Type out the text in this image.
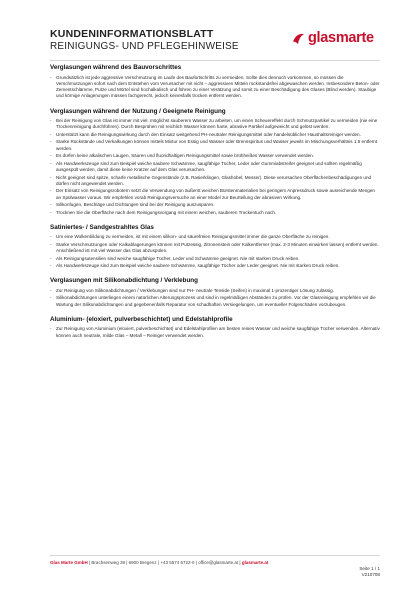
KUNDENINFORMATIONSBLATT
REINIGUNGS- UND PFLEGEHINWEISE
glasmarte
Verglasungen während des Bauvorschrittes
- Grundsätzlich ist jede aggressive Verschmutzung im Laufe des Baufortschritts zu vermeiden. Sollte dies dennoch vorkommen, so müssen die Verschmutzungen sofort nach dem Entstehen vom Verursacher mit nicht – aggressiven Mitteln rückstandsfrei abgewaschen werden. Insbesondere Beton- oder Zementschlämme, Putze und Mörtel sind hochalkalisch und führen zu einer Verätzung und somit zu einer Beschädigung des Glases (Blind werden). Staubige und körnige Anlagerungen müssen fachgerecht, jedoch keinesfalls trocken entfernt werden.
Verglasungen während der Nutzung / Geeignete Reinigung
- Bei der Reinigung von Glas ist immer mit viel, möglichst sauberem Wasser zu arbeiten, um einen Scheuereffekt durch Schmutzpartikel zu vermeiden (nie eine Trockenreinigung durchführen). Durch Besprühen mit reichlich Wasser können harte, abrasive Partikel aufgeweicht und gelöst werden.
- Unterstützt kann die Reinigungswirkung durch den Einsatz weitgehend PH-neutraler Reinigungsmittel oder handelsüblicher Haushaltsreiniger werden.
- Starke Rückstände und Verkalkungen können mittels Mixtur von Essig und Wasser oder Brennspiritus und Wasser jeweils im Mischungsverhältnis 1:5 entfernt werden.
- Es dürfen keine alkalischen Laugen, Säuren und fluoridhaltigen Reinigungsmittel sowie brühheißes Wasser verwendet werden.
- Als Handwerkszeuge sind zum Beispiel weiche saubere Schwämme, saugfähige Tücher, Leder oder Gummiabstreifer geeignet und sollten regelmäßig ausgespült werden, damit diese keine Kratzer auf dem Glas verursachen.
- Nicht geeignet sind spitze, scharfe metallische Gegenstände (z.B. Rasierklingen, Glashobel, Messer). Diese verursachen Oberflächenbeschädigungen und dürfen nicht angewendet werden.
- Der Einsatz von Reinigungsrobotern setzt die Verwendung von äußerst weichen Bürstenmaterialien bei geringem Anpressdruck sowie ausreichende Mengen an Spülwasser voraus. Wir empfehlen vorab Reinigungsversuche an einer Model zur Beurteilung der abrasiven Wirkung.
- Silikonfugen, Beschläge und Dichtungen sind bei der Reinigung auszusparen.
- Trocknen Sie die Oberfläche nach dem Reinigungsvorgang mit einem weichen, sauberen Trockentuch nach.
Satiniertes- / Sandgestrahltes Glas
- Um eine Wolkenbildung zu vermeiden, ist mit einem silikon- und säurefreien Reinigungsmittel immer die ganze Oberfläche zu reinigen.
- Starke Verschmutzungen oder Kalkablagerungen können mit Putzessig, Zitronenstein oder Kalkentferner (max. 2-3 Minuten einwirken lassen) entfernt werden. Anschließend ist mit viel Wasser das Glas abzuspülen.
- Als Reinigungsutensilien sind weiche saugfähige Tücher, Leder und Schwämme geeignet. Nie mit starken Druck reiben.
- Als Handwerkszeuge sind zum Beispiel weiche saubere Schwämme, saugfähige Tücher oder Leder geeignet. Nie mit starken Druck reiben.
Verglasungen mit Silikonabdichtung / Verklebung
- Zur Reinigung von Silikonabdichtungen / Verklebungen sind nur PH- neutrale Tenside (Seifen) in maximal 1-prozentiger Lösung zulässig.
- Silikonabdichtungen unterliegen einem natürlichen Alterungsprozess und sind in regelmäßigen Abständen zu prüfen. Vor der Glasreinigung empfehlen wir die Wartung der Silikonabdichtungen und gegebenenfalls Reparatur von schadhaften Versiegelungen, um eventueller Folgeschäden vorzubeugen.
Aluminium- (eloxiert, pulverbeschichtet) und Edelstahlprofile
- Zur Reinigung von Aluminium (eloxiert, pulverbeschichtet) und Edelstahlprofilen am besten reines Wasser und weiche saugfähige Tücher verwenden. Alternativ können auch neutrale, milde Glas – Metall – Reiniger verwendet werden.
Glas Marte GmbH | Brachsenweg 39 | 6900 Bregenz | +43 5574 6722-0 | office@glasmarte.at | glasmarte.at
Seite 1 / 1
V210708
